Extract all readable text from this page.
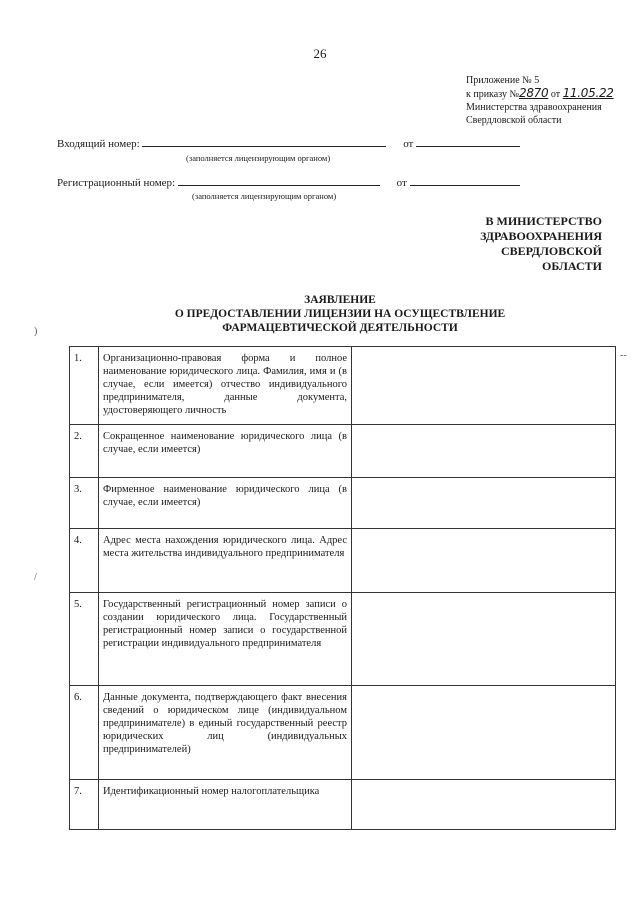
26
Приложение № 5
к приказу №2870 от 11.05.22
Министерства здравоохранения
Свердловской области
Входящий номер:	от
(заполняется лицензирующим органом)
Регистрационный номер:	от
(заполняется лицензирующим органом)
В МИНИСТЕРСТВО
ЗДРАВООХРАНЕНИЯ
СВЕРДЛОВСКОЙ
ОБЛАСТИ
ЗАЯВЛЕНИЕ
О ПРЕДОСТАВЛЕНИИ ЛИЦЕНЗИИ НА ОСУЩЕСТВЛЕНИЕ
ФАРМАЦЕВТИЧЕСКОЙ ДЕЯТЕЛЬНОСТИ
1.	Организационно-правовая форма и полное наименование юридического лица. Фамилия, имя и (в случае, если имеется) отчество индивидуального предпринимателя, данные документа, удостоверяющего личность	
2.	Сокращенное наименование юридического лица (в случае, если имеется)	
3.	Фирменное наименование юридического лица (в случае, если имеется)	
4.	Адрес места нахождения юридического лица. Адрес места жительства индивидуального предпринимателя	
5.	Государственный регистрационный номер записи о создании юридического лица. Государственный регистрационный номер записи о государственной регистрации индивидуального предпринимателя	
6.	Данные документа, подтверждающего факт внесения сведений о юридическом лице (индивидуальном предпринимателе) в единый государственный реестр юридических лиц (индивидуальных предпринимателей)	
7.	Идентификационный номер налогоплательщика	
)
/
--
